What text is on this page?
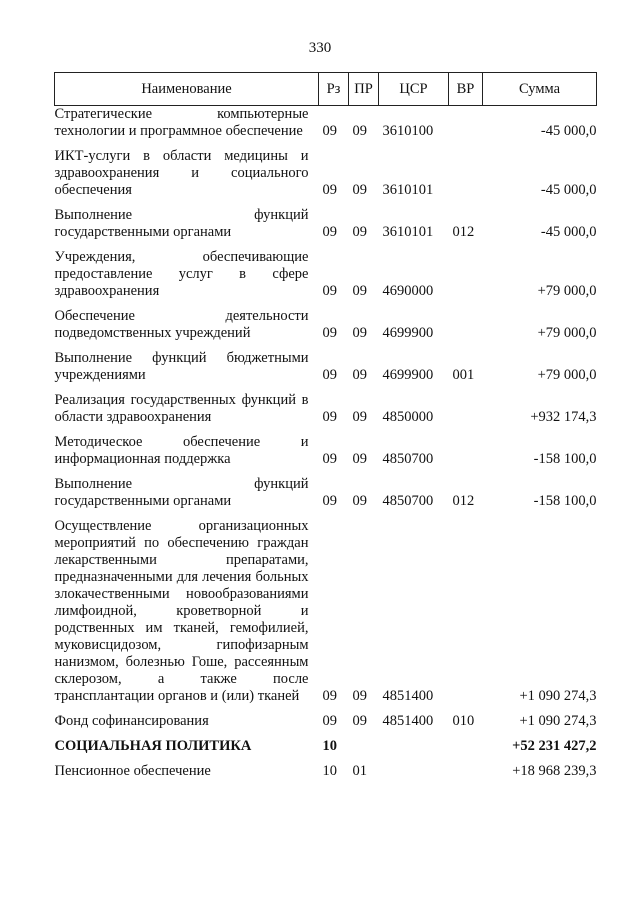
330
Наименование	Рз	ПР	ЦСР	ВР	Сумма
Стратегические компьютерные технологии и программное обеспечение	09	09	3610100		-45 000,0
ИКТ-услуги в области медицины и здравоохранения и социального обеспечения	09	09	3610101		-45 000,0
Выполнение функций государственными органами	09	09	3610101	012	-45 000,0
Учреждения, обеспечивающие предоставление услуг в сфере здравоохранения	09	09	4690000		+79 000,0
Обеспечение деятельности подведомственных учреждений	09	09	4699900		+79 000,0
Выполнение функций бюджетными учреждениями	09	09	4699900	001	+79 000,0
Реализация государственных функций в области здравоохранения	09	09	4850000		+932 174,3
Методическое обеспечение и информационная поддержка	09	09	4850700		-158 100,0
Выполнение функций государственными органами	09	09	4850700	012	-158 100,0
Осуществление организационных мероприятий по обеспечению граждан лекарственными препаратами, предназначенными для лечения больных злокачественными новообразованиями лимфоидной, кроветворной и родственных им тканей, гемофилией, муковисцидозом, гипофизарным нанизмом, болезнью Гоше, рассеянным склерозом, а также после трансплантации органов и (или) тканей	09	09	4851400		+1 090 274,3
Фонд софинансирования	09	09	4851400	010	+1 090 274,3
СОЦИАЛЬНАЯ ПОЛИТИКА	10				+52 231 427,2
Пенсионное обеспечение	10	01			+18 968 239,3
